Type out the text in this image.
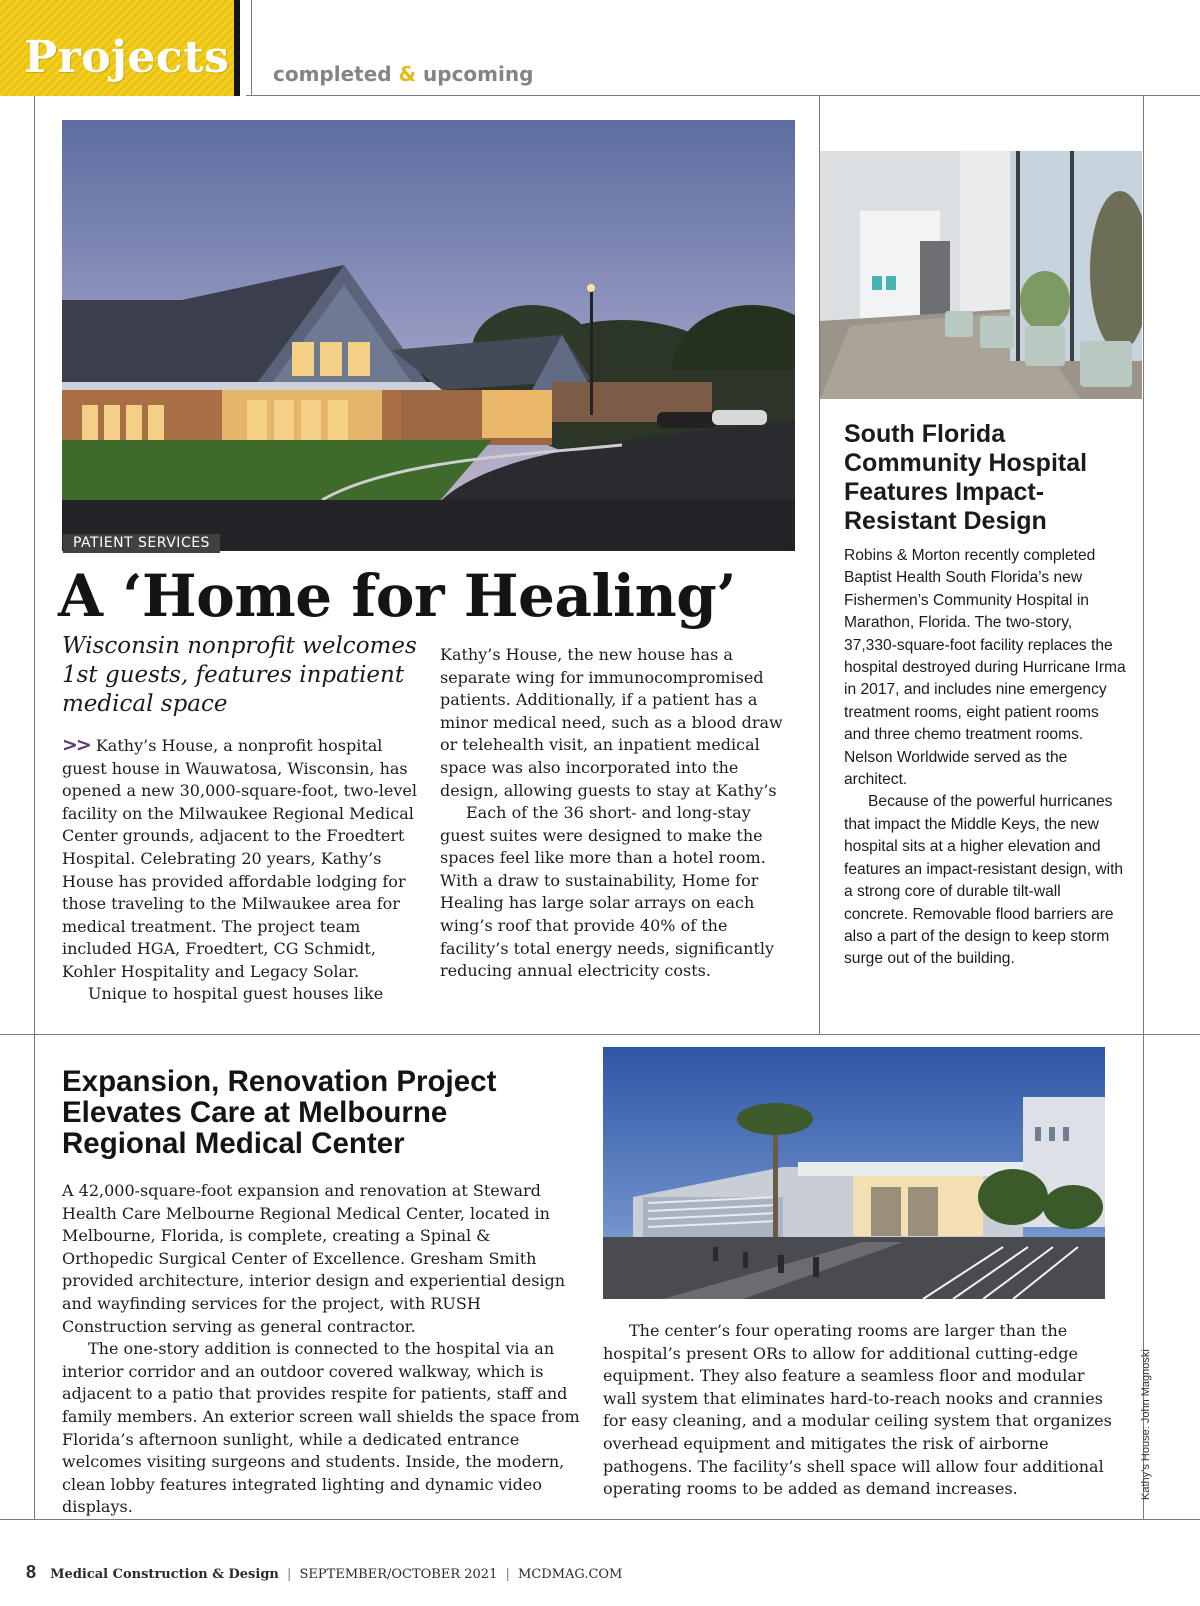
Projects completed & upcoming
PATIENT SERVICES
A ‘Home for Healing’
Wisconsin nonprofit welcomes 1st guests, features inpatient medical space

>> Kathy’s House, a nonprofit hospital guest house in Wauwatosa, Wisconsin, has opened a new 30,000-square-foot, two-level facility on the Milwaukee Regional Medical Center grounds, adjacent to the Froedtert Hospital. Celebrating 20 years, Kathy’s House has provided affordable lodging for those traveling to the Milwaukee area for medical treatment. The project team included HGA, Froedtert, CG Schmidt, Kohler Hospitality and Legacy Solar.

Unique to hospital guest houses like

Kathy’s House, the new house has a separate wing for immunocompromised patients. Additionally, if a patient has a minor medical need, such as a blood draw or telehealth visit, an inpatient medical space was also incorporated into the design, allowing guests to stay at Kathy’s

Each of the 36 short- and long-stay guest suites were designed to make the spaces feel like more than a hotel room. With a draw to sustainability, Home for Healing has large solar arrays on each wing’s roof that provide 40% of the facility’s total energy needs, significantly reducing annual electricity costs.

South Florida Community Hospital Features Impact-Resistant Design

Robins & Morton recently completed Baptist Health South Florida’s new Fishermen’s Community Hospital in Marathon, Florida. The two-story, 37,330-square-foot facility replaces the hospital destroyed during Hurricane Irma in 2017, and includes nine emergency treatment rooms, eight patient rooms and three chemo treatment rooms. Nelson Worldwide served as the architect.

Because of the powerful hurricanes that impact the Middle Keys, the new hospital sits at a higher elevation and features an impact-resistant design, with a strong core of durable tilt-wall concrete. Removable flood barriers are also a part of the design to keep storm surge out of the building.

Expansion, Renovation Project Elevates Care at Melbourne Regional Medical Center

A 42,000-square-foot expansion and renovation at Steward Health Care Melbourne Regional Medical Center, located in Melbourne, Florida, is complete, creating a Spinal & Orthopedic Surgical Center of Excellence. Gresham Smith provided architecture, interior design and experiential design and wayfinding services for the project, with RUSH Construction serving as general contractor.

The one-story addition is connected to the hospital via an interior corridor and an outdoor covered walkway, which is adjacent to a patio that provides respite for patients, staff and family members. An exterior screen wall shields the space from Florida’s afternoon sunlight, while a dedicated entrance welcomes visiting surgeons and students. Inside, the modern, clean lobby features integrated lighting and dynamic video displays.

The center’s four operating rooms are larger than the hospital’s present ORs to allow for additional cutting-edge equipment. They also feature a seamless floor and modular wall system that eliminates hard-to-reach nooks and crannies for easy cleaning, and a modular ceiling system that organizes overhead equipment and mitigates the risk of airborne pathogens. The facility’s shell space will allow four additional operating rooms to be added as demand increases.	Kathy’s House: John Magnoski
8 Medical Construction & Design | SEPTEMBER/OCTOBER 2021 | MCDMAG.COM
